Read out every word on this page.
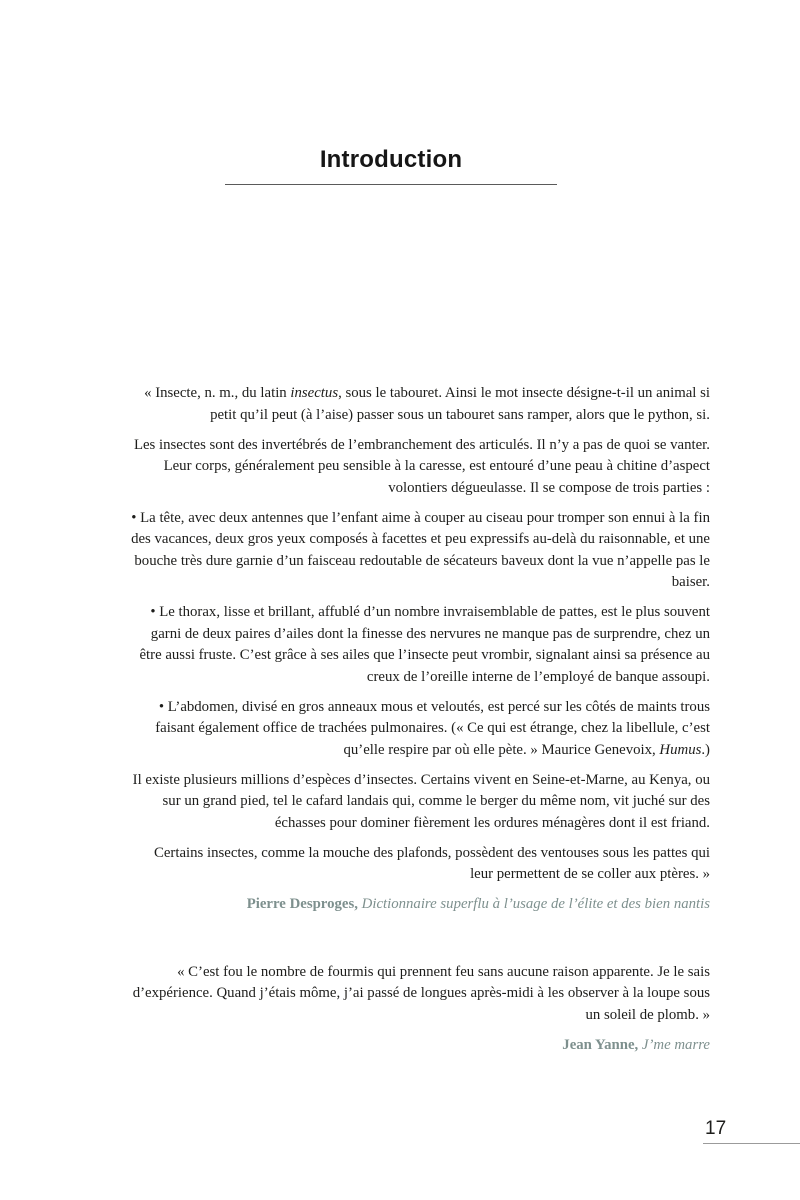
Introduction

« Insecte, n. m., du latin insectus, sous le tabouret. Ainsi le mot insecte désigne-t-il un animal si petit qu’il peut (à l’aise) passer sous un tabouret sans ramper, alors que le python, si.

Les insectes sont des invertébrés de l’embranchement des articulés. Il n’y a pas de quoi se vanter. Leur corps, généralement peu sensible à la caresse, est entouré d’une peau à chitine d’aspect volontiers dégueulasse. Il se compose de trois parties :

• La tête, avec deux antennes que l’enfant aime à couper au ciseau pour tromper son ennui à la fin des vacances, deux gros yeux composés à facettes et peu expressifs au-delà du raisonnable, et une bouche très dure garnie d’un faisceau redoutable de sécateurs baveux dont la vue n’appelle pas le baiser.

• Le thorax, lisse et brillant, affublé d’un nombre invraisemblable de pattes, est le plus souvent garni de deux paires d’ailes dont la finesse des nervures ne manque pas de surprendre, chez un être aussi fruste. C’est grâce à ses ailes que l’insecte peut vrombir, signalant ainsi sa présence au creux de l’oreille interne de l’employé de banque assoupi.

• L’abdomen, divisé en gros anneaux mous et veloutés, est percé sur les côtés de maints trous faisant également office de trachées pulmonaires. (« Ce qui est étrange, chez la libellule, c’est qu’elle respire par où elle pète. » Maurice Genevoix, Humus.)

Il existe plusieurs millions d’espèces d’insectes. Certains vivent en Seine-et-Marne, au Kenya, ou sur un grand pied, tel le cafard landais qui, comme le berger du même nom, vit juché sur des échasses pour dominer fièrement les ordures ménagères dont il est friand.

Certains insectes, comme la mouche des plafonds, possèdent des ventouses sous les pattes qui leur permettent de se coller aux ptères. »

Pierre Desproges, Dictionnaire superflu à l’usage de l’élite et des bien nantis

« C’est fou le nombre de fourmis qui prennent feu sans aucune raison apparente. Je le sais d’expérience. Quand j’étais môme, j’ai passé de longues après-midi à les observer à la loupe sous un soleil de plomb. »

Jean Yanne, J’me marre

17
